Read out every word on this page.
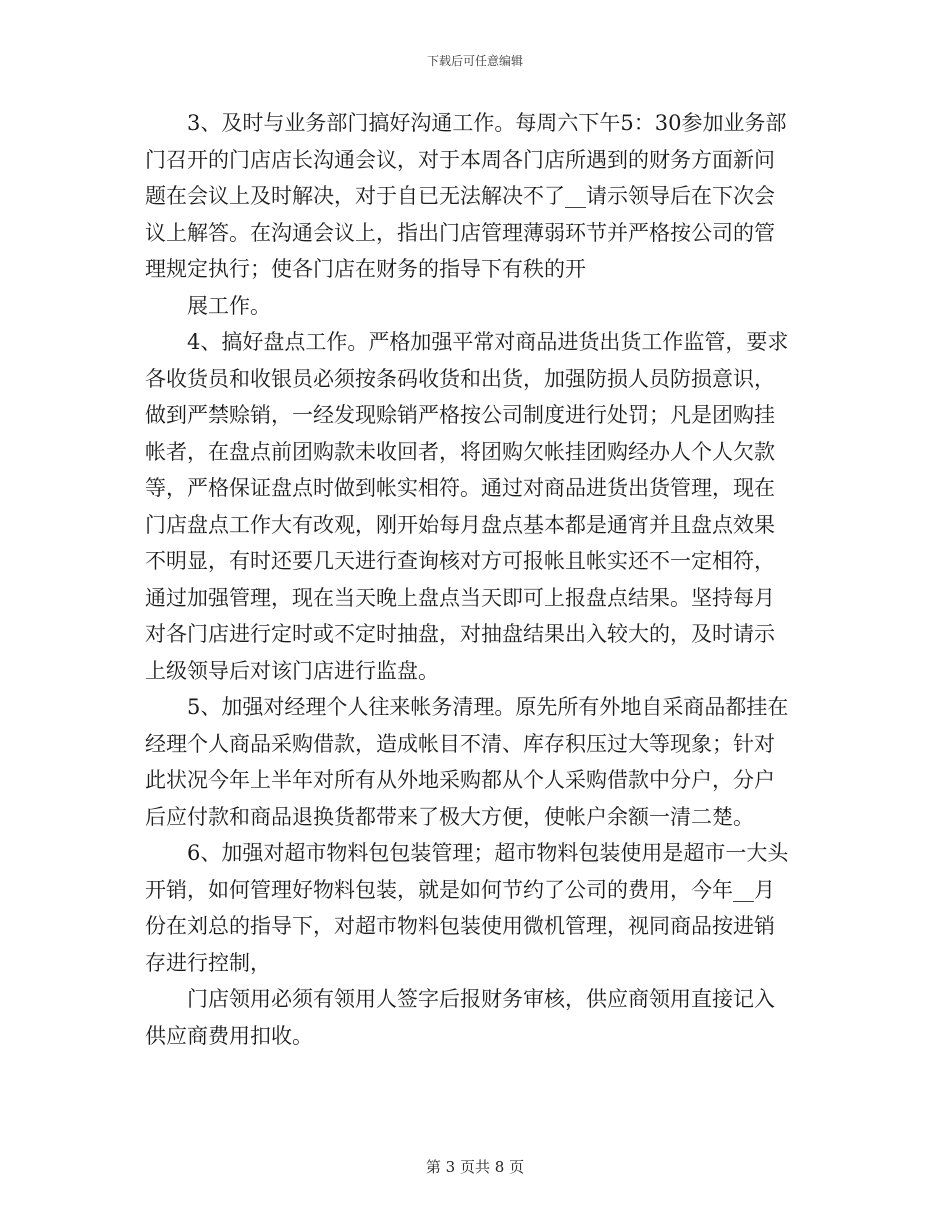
下载后可任意编辑
3、及时与业务部门搞好沟通工作。每周六下午5：30参加业务部
门召开的门店店长沟通会议，对于本周各门店所遇到的财务方面新问
题在会议上及时解决，对于自已无法解决不了__请示领导后在下次会
议上解答。在沟通会议上，指出门店管理薄弱环节并严格按公司的管
理规定执行；使各门店在财务的指导下有秩的开
展工作。
4、搞好盘点工作。严格加强平常对商品进货出货工作监管，要求
各收货员和收银员必须按条码收货和出货，加强防损人员防损意识，
做到严禁赊销，一经发现赊销严格按公司制度进行处罚；凡是团购挂
帐者，在盘点前团购款未收回者，将团购欠帐挂团购经办人个人欠款
等，严格保证盘点时做到帐实相符。通过对商品进货出货管理，现在
门店盘点工作大有改观，刚开始每月盘点基本都是通宵并且盘点效果
不明显，有时还要几天进行查询核对方可报帐且帐实还不一定相符，
通过加强管理，现在当天晚上盘点当天即可上报盘点结果。坚持每月
对各门店进行定时或不定时抽盘，对抽盘结果出入较大的，及时请示
上级领导后对该门店进行监盘。
5、加强对经理个人往来帐务清理。原先所有外地自采商品都挂在
经理个人商品采购借款，造成帐目不清、库存积压过大等现象；针对
此状况今年上半年对所有从外地采购都从个人采购借款中分户，分户
后应付款和商品退换货都带来了极大方便，使帐户余额一清二楚。
6、加强对超市物料包包装管理；超市物料包装使用是超市一大头
开销，如何管理好物料包装，就是如何节约了公司的费用，今年__月
份在刘总的指导下，对超市物料包装使用微机管理，视同商品按进销
存进行控制，
门店领用必须有领用人签字后报财务审核，供应商领用直接记入
供应商费用扣收。
第 3 页共 8 页
